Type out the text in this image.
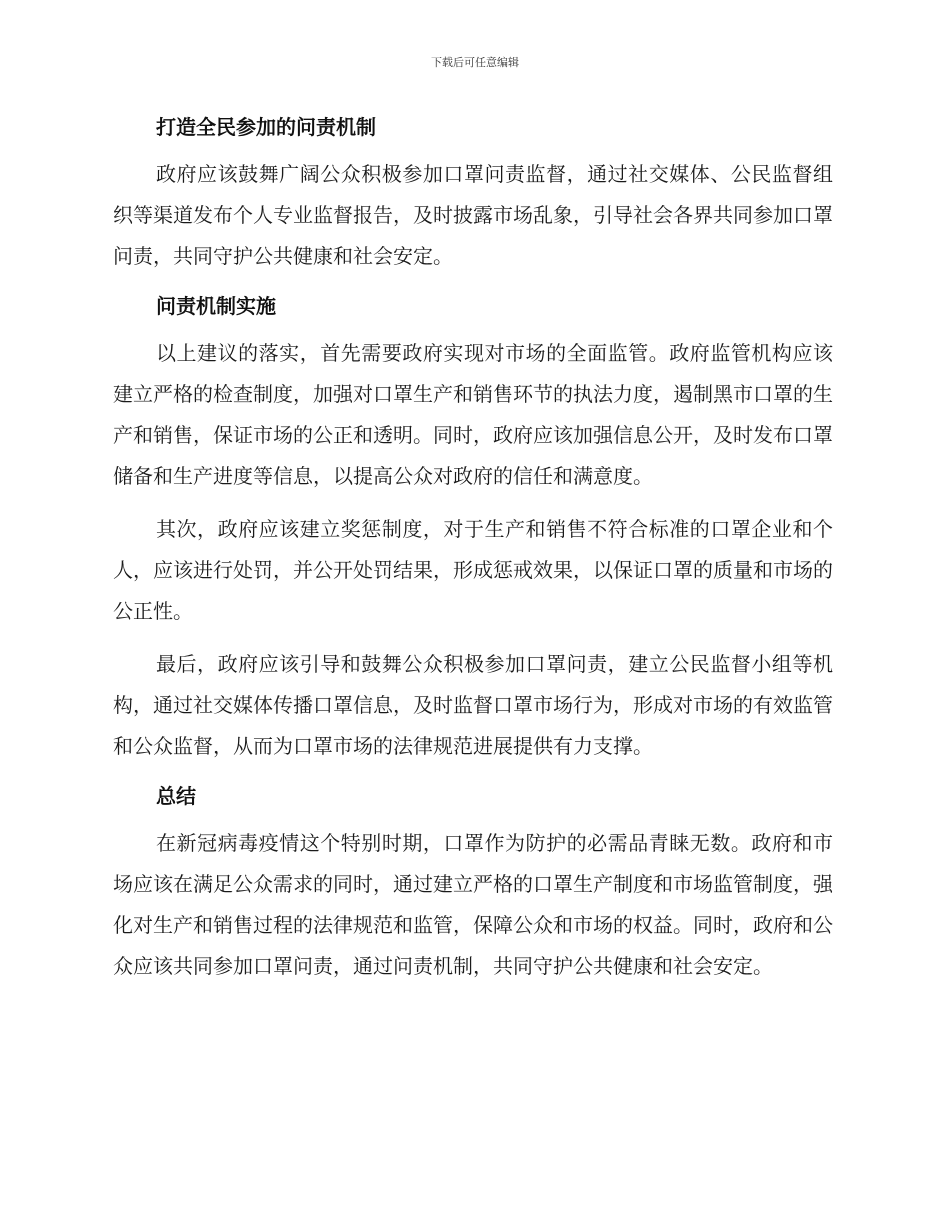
下载后可任意编辑
打造全民参加的问责机制

政府应该鼓舞广阔公众积极参加口罩问责监督，通过社交媒体、公民监督组织等渠道发布个人专业监督报告，及时披露市场乱象，引导社会各界共同参加口罩问责，共同守护公共健康和社会安定。

问责机制实施

以上建议的落实，首先需要政府实现对市场的全面监管。政府监管机构应该建立严格的检查制度，加强对口罩生产和销售环节的执法力度，遏制黑市口罩的生产和销售，保证市场的公正和透明。同时，政府应该加强信息公开，及时发布口罩储备和生产进度等信息，以提高公众对政府的信任和满意度。

其次，政府应该建立奖惩制度，对于生产和销售不符合标准的口罩企业和个人，应该进行处罚，并公开处罚结果，形成惩戒效果，以保证口罩的质量和市场的公正性。

最后，政府应该引导和鼓舞公众积极参加口罩问责，建立公民监督小组等机构，通过社交媒体传播口罩信息，及时监督口罩市场行为，形成对市场的有效监管和公众监督，从而为口罩市场的法律规范进展提供有力支撑。

总结

在新冠病毒疫情这个特别时期，口罩作为防护的必需品青睐无数。政府和市场应该在满足公众需求的同时，通过建立严格的口罩生产制度和市场监管制度，强化对生产和销售过程的法律规范和监管，保障公众和市场的权益。同时，政府和公众应该共同参加口罩问责，通过问责机制，共同守护公共健康和社会安定。
